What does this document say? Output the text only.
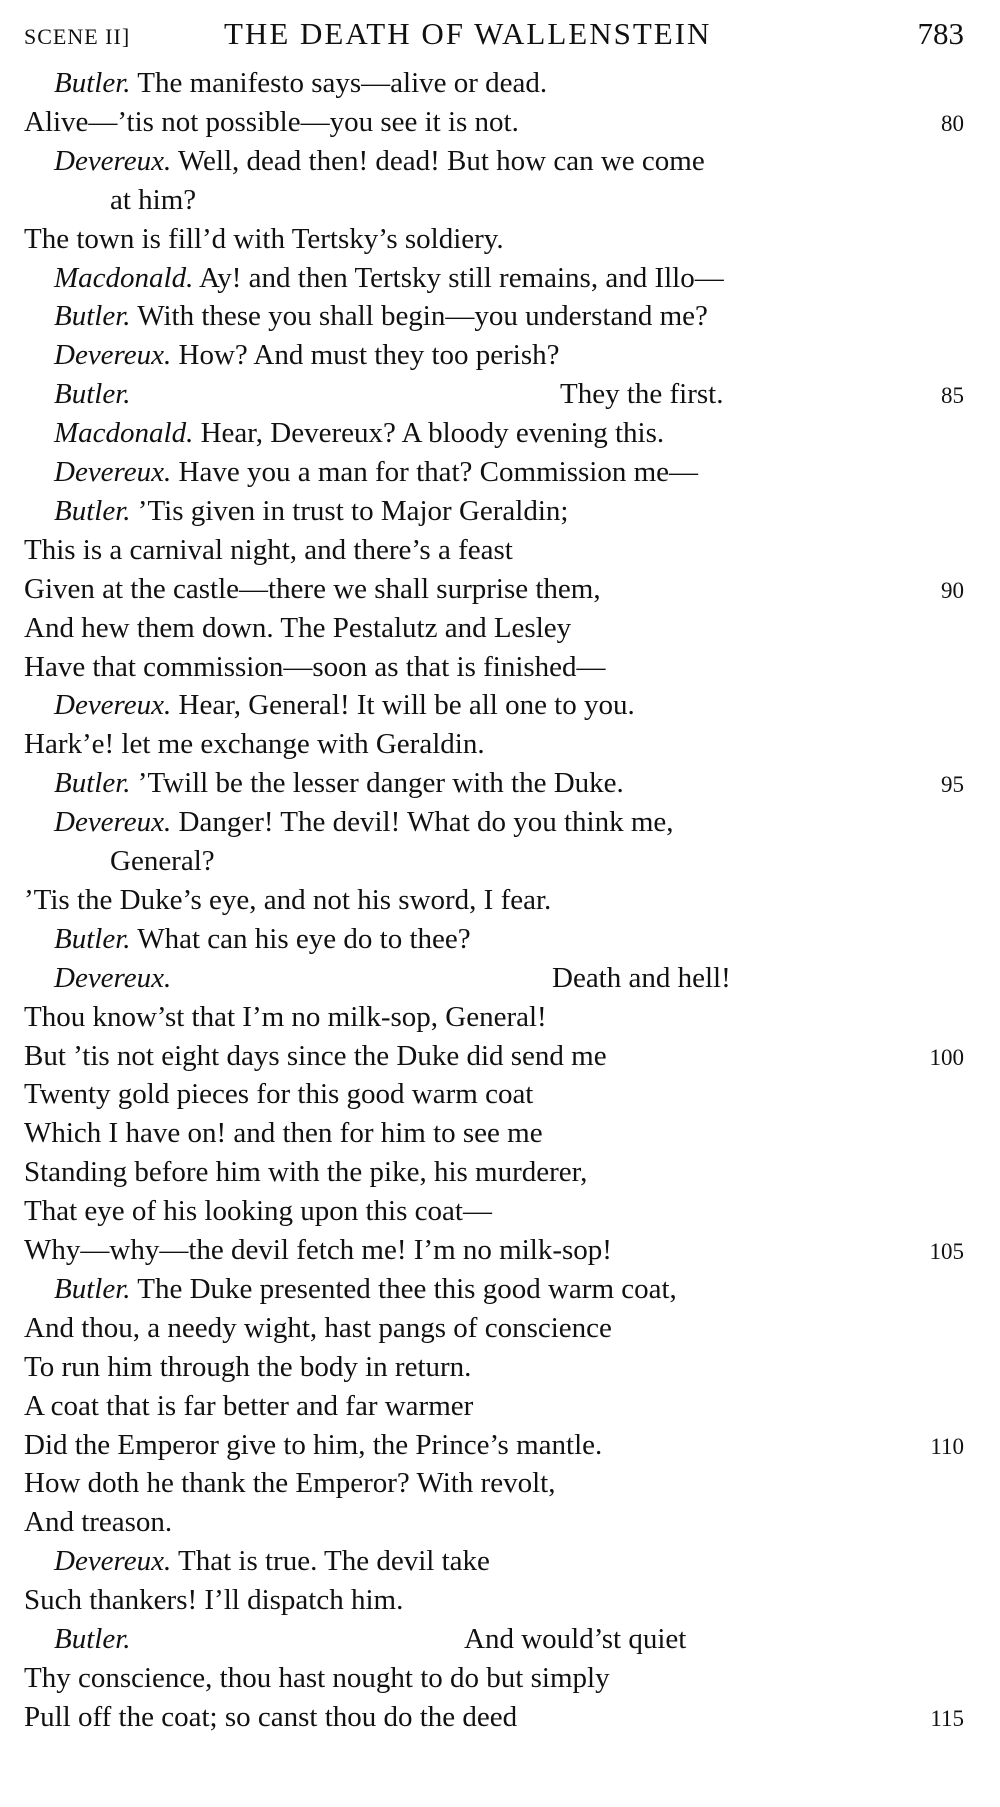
SCENE II]	THE DEATH OF WALLENSTEIN	783
Butler. The manifesto says—alive or dead.
Alive—’tis not possible—you see it is not.	80
Devereux. Well, dead then! dead! But how can we come
at him?
The town is fill’d with Tertsky’s soldiery.
Macdonald. Ay! and then Tertsky still remains, and Illo—
Butler. With these you shall begin—you understand me?
Devereux. How? And must they too perish?
Butler.	They the first.	85
Macdonald. Hear, Devereux? A bloody evening this.
Devereux. Have you a man for that? Commission me—
Butler. ’Tis given in trust to Major Geraldin;
This is a carnival night, and there’s a feast
Given at the castle—there we shall surprise them,	90
And hew them down. The Pestalutz and Lesley
Have that commission—soon as that is finished—
Devereux. Hear, General! It will be all one to you.
Hark’e! let me exchange with Geraldin.
Butler. ’Twill be the lesser danger with the Duke.	95
Devereux. Danger! The devil! What do you think me,
General?
’Tis the Duke’s eye, and not his sword, I fear.
Butler. What can his eye do to thee?
Devereux.	Death and hell!
Thou know’st that I’m no milk-sop, General!
But ’tis not eight days since the Duke did send me	100
Twenty gold pieces for this good warm coat
Which I have on! and then for him to see me
Standing before him with the pike, his murderer,
That eye of his looking upon this coat—
Why—why—the devil fetch me! I’m no milk-sop!	105
Butler. The Duke presented thee this good warm coat,
And thou, a needy wight, hast pangs of conscience
To run him through the body in return.
A coat that is far better and far warmer
Did the Emperor give to him, the Prince’s mantle.	110
How doth he thank the Emperor? With revolt,
And treason.
Devereux. That is true. The devil take
Such thankers! I’ll dispatch him.
Butler.	And would’st quiet
Thy conscience, thou hast nought to do but simply
Pull off the coat; so canst thou do the deed	115
